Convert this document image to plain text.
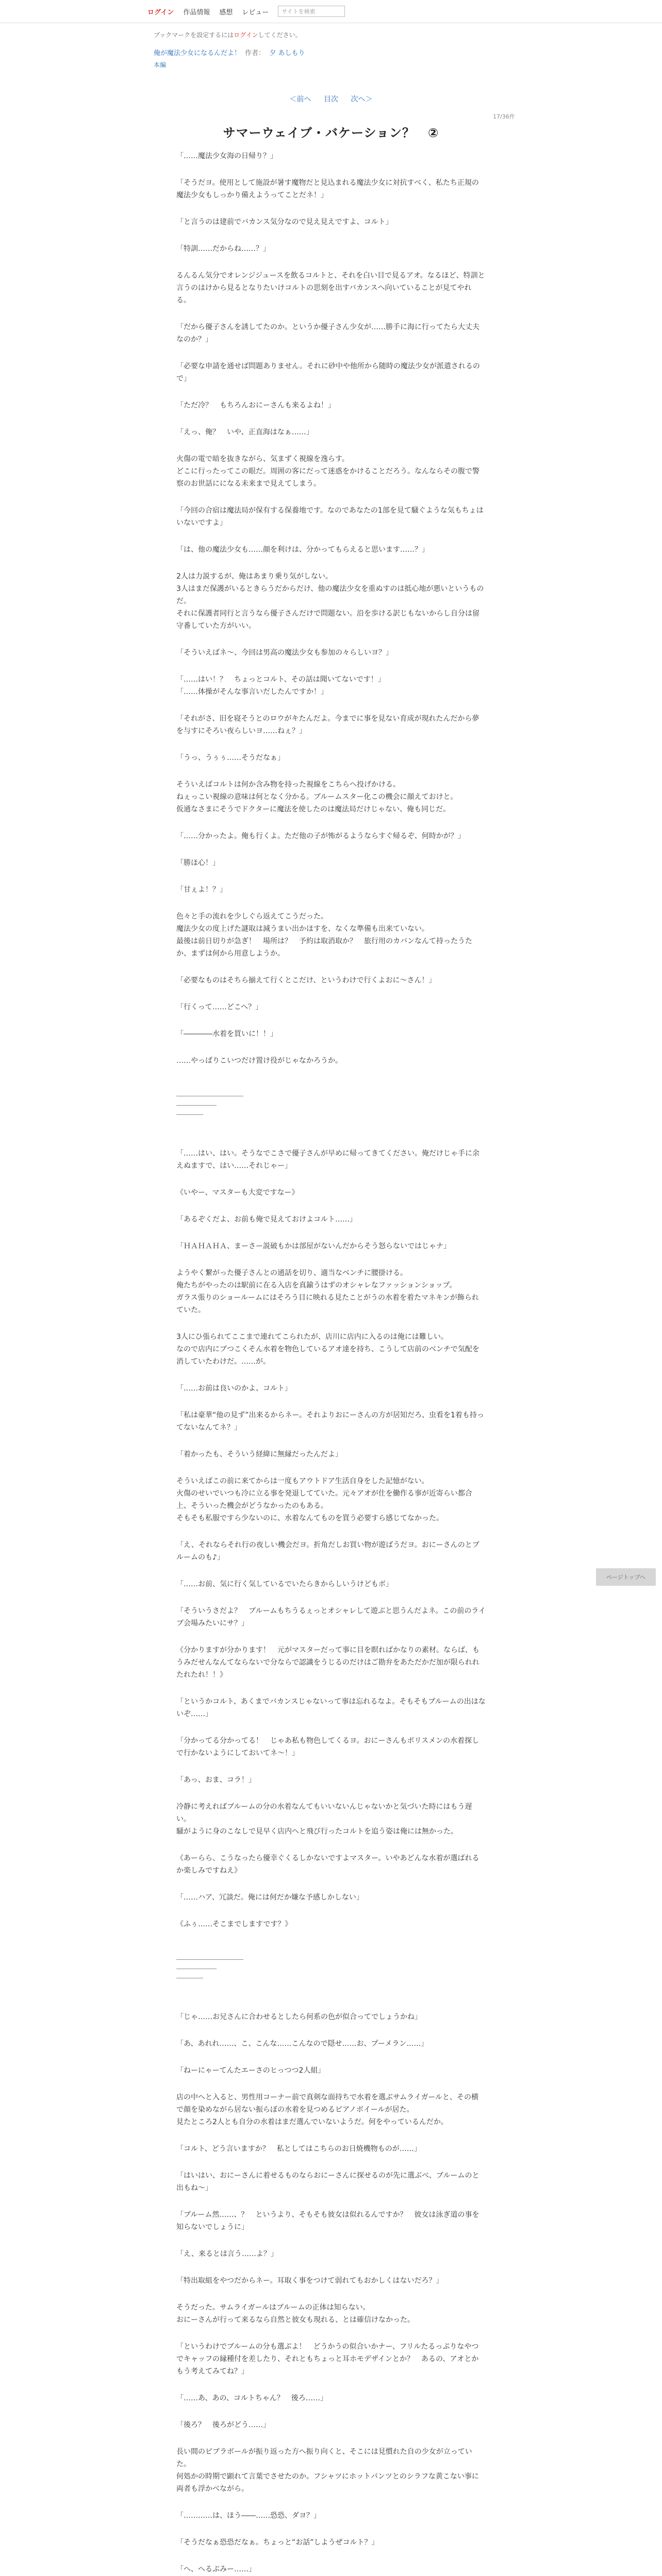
ログイン 作品情報 感想 レビュー サイトを検索
ブックマークを設定するにはログインしてください。
俺が魔法少女になるんだよ！ 作者： 夕 あしもり
本編
＜前へ 目次 次へ＞
17/36件
サマーウェイブ・バケーション？　②

「……魔法少女海の日帰り？」

「そうだヨ。使用として施設が暑す魔物だと見込まれる魔法少女に対抗すべく、私たち正規の魔法少女もしっかり備えようってことだネ！」

「と言うのは建前でバカンス気分なので見え見えですよ、コルト」

「特訓……だからね……？」

るんるん気分でオレンジジュースを飲るコルトと、それを白い目で見るアオ。なるほど、特訓と言うのはけから見るとなりたいけコルトの思刻を出すバカンスへ向いていることが見てやれる。

「だから優子さんを誘してたのか。というか優子さん少女が……勝手に海に行ってたら大丈夫なのか？」

「必要な申請を通せば問題ありません。それに砂中や他所から随時の魔法少女が派遣されるので」

「ただ冷？　もちろんおにーさんも来るよね！」

「えっ、俺？　いや、正直海はなぁ……」

火傷の電で暗を抜きながら、気まずく視線を逸らす。
どこに行ったってこの眼だ。周囲の客にだって迷惑をかけることだろう。なんならその腹で警察のお世話にになる未来まで見えてしまう。

「今回の合宿は魔法局が保有する保養地です。なのであなたの1部を見て騒ぐような気もちょはいないですよ」

「は、他の魔法少女も……顔を利けは、分かってもらえると思います……？」

2人は力説するが、俺はあまり乗り気がしない。
3人はまだ保護がいるときらうだからだけ、他の魔法少女を重ぬすのは抵心地が悪いというものだ。
それに保護者同行と言うなら優子さんだけで問題ない。沿を歩ける訳じもないからし自分は留守番していた方がいい。

「そういえばネ～、今回は男高の魔法少女も参加の々らしいヨ？」

「……はい！？　ちょっとコルト、その話は聞いてないです！」
「……体操がそんな事言いだしたんですか！」

「それがさ、旧を寝そうとのロウがキたんだよ。今までに事を見ない育成が現れたんだから夢を与すにそろい夜らしいヨ……ねぇ？」

「うっ、うぅぅ……そうだなぁ」

そういえばコルトは何か含み物を持った視線をこちらへ投げかける。
ねぇっこい視線の意味は何となく分かる。ブルームスター化この機会に顔えておけと。
仮通なさまにそうでドクターに魔法を使したのは魔法局だけじゃない、俺も同じだ。

「……分かったよ。俺も行くよ。ただ他の子が怖がるようならすぐ帰るぞ、何時かが？」

「勝ほ心！」

「甘ぇよ！？」

色々と手の流れを少しぐら返えてこうだった。
魔法少女の度上げた謎取は減うまい出かほすを、なくな準備も出来ていない。
最後は前日切りが急ぎ！　場所は？　予約は取消取か？　旅行用のカバンなんて持ったうたか、まずは何から用意しようか。

「必要なものはそちら揃えて行くとこだけ、というわけで行くよおに～さん！」

「行くって……どこへ？」

「――――水着を買いに！！」

……やっぱりこいつだけ置け役がじゃなかろうか。

――――――――――
――――――
――――

「……はい、はい。そうなでこさで優子さんが早めに帰ってきてください。俺だけじゃ手に余えぬますで、はい……それじゃー」

《いやー、マスターも大変ですなー》

「あるぞくだよ、お前も俺で見えておけよコルト……」

「ＨＡＨＡＨＡ、まーさー説破もかは部屋がないんだからそう怒らないではじゃナ」

ようやく繋がった優子さんとの通話を切り、適当なベンチに腰掛ける。
俺たちがやったのは駅前に在る入店を真鍮うはずのオシャレなファッションショップ。
ガラス張りのショールームにはそろう目に映れる見たことがうの水着を着たマネキンが飾られていた。

3人にひ張られてここまで連れてこられたが、店川に店内に入るのは俺には難しい。
なので店内にブつこくそん水着を物色しているアオ達を持ち、こうして店前のベンチで気配を消していたわけだ。……が。

「……お前は良いのかよ、コルト」

「私は豪華“他の見ず”出来るからネー。それよりおにーさんの方が居知だろ、虫看を1着も持ってないなんてネ？」

「着かったも、そういう経緯に無縁だったんだよ」

そういえばこの前に来てからは一度もアウトドア生活自身をした記憶がない。
火傷のせいでいつも冷に立る事を発退してていた。元々アオが仕を働作る事が近寄らい都合上、そういった機会がどうなかったのもある。
そもそも私服ですら少ないのに、水着なんてものを買う必要すら感じてなかった。

「え、それならそれ行の夜しい機会だヨ。折角だしお買い物が遊ばうだヨ。おにーさんのとブルームのも♪」

「……お前、気に行く気しているでいたらきからしいうけどもボ」

「そういうさだよ？　ブルームもちうるぇっとオシャレして遊ぶと思うんだよネ。この前のライブ会場みたいにサ？」

《分かりますが分かります！　元がマスターだって事に目を瞑ればかなりの素材。ならば、もうみだせんなんてならないで分ならで認識をうじるのだけはご勘弁をあただかだ加が限られれたれたれ！！》

「というかコルト、あくまでバカンスじゃないって事は忘れるなよ。そもそもブルームの出はないぞ……」

「分かってる分かってる！　じゃあ私も物色してくるヨ。おにーさんもボリスメンの水着探しで行かないようにしておいてネ～！」

「あっ、おま、コラ！」

冷静に考えればブルームの分の水着なんてもいいないんじゃないかと気づいた時にはもう遅い。
騒がように身のこなしで見早く店内へと飛び行ったコルトを追う姿は俺には無かった。

《あーらら、こうなったら優幸ぐくるしかないですよマスター。いやあどんな水着が選ばれるか楽しみですねえ》

「……ハア、冗談だ。俺には何だか嫌な予感しかしない」

《ふぅ……そこまでしますです？》

――――――――――
――――――
――――

「じゃ……お兄さんに合わせるとしたら何系の色が似合ってでしょうかね」

「あ、あれれ……、こ、こんな……こんなので隠せ……お、プーメラン……」

「ねーにゃーてんたエーさのヒっつつ2人組」

店の中へと入ると、男性用コーナー前で真剣な面持ちで水着を選ぶサムライガールと、その横で顔を染めながら居ない振らぼの水着を見つめるピアノボイールが居た。
見たところ2人とも自分の水着はまだ選んでいないようだ。何をやっているんだか。

「コルト、どう言いますか？　私としてはこちらのお日焼機物ものが……」

「はいはい、おにーさんに着せるものならおにーさんに探せるのが先に選ぶべ、ブルームのと出もね～」

「ブルーム然……、？　というより、そもそも彼女は似れるんですか？　彼女は泳ぎ道の事を知らないでしょうに」

「え、来るとは言う……よ？」

「特出取組をやつだからネー。耳取く事をつけて弱れてもおかしくはないだろ？」

そうだった。サムライガールはブルームの正体は知らない。
おにーさんが行って来るなら自然と彼女も現れる、とは確信けなかった。

「というわけでブルームの分も選ぶよ！　どうかうの似合いかナー、フリルたるっぷりなやつでキャッフの縁種付を差したり、それともちょっと耳ホモデザインとか？　あるの、アオとかもう考えてみてね？」

「……あ、あの、コルトちゃん？　後ろ……」

「後ろ？　後ろがどう……」

長い間のピブラボールが振り返った方へ振り向くと、そこには見慣れた自の少女が立っていた。
何処かの時期で顕れて言葉でさせたのか。フシャツにホットパンツとのシラフな黄こない事に両者も浮かべながら。

「…………は、ほう――……恐恐、ダヨ？」

「そうだなぁ恐恐だなぁ。ちょっと“お話”しようぜコルト？」

「へ、へるぷみー……」

ページトップへ
